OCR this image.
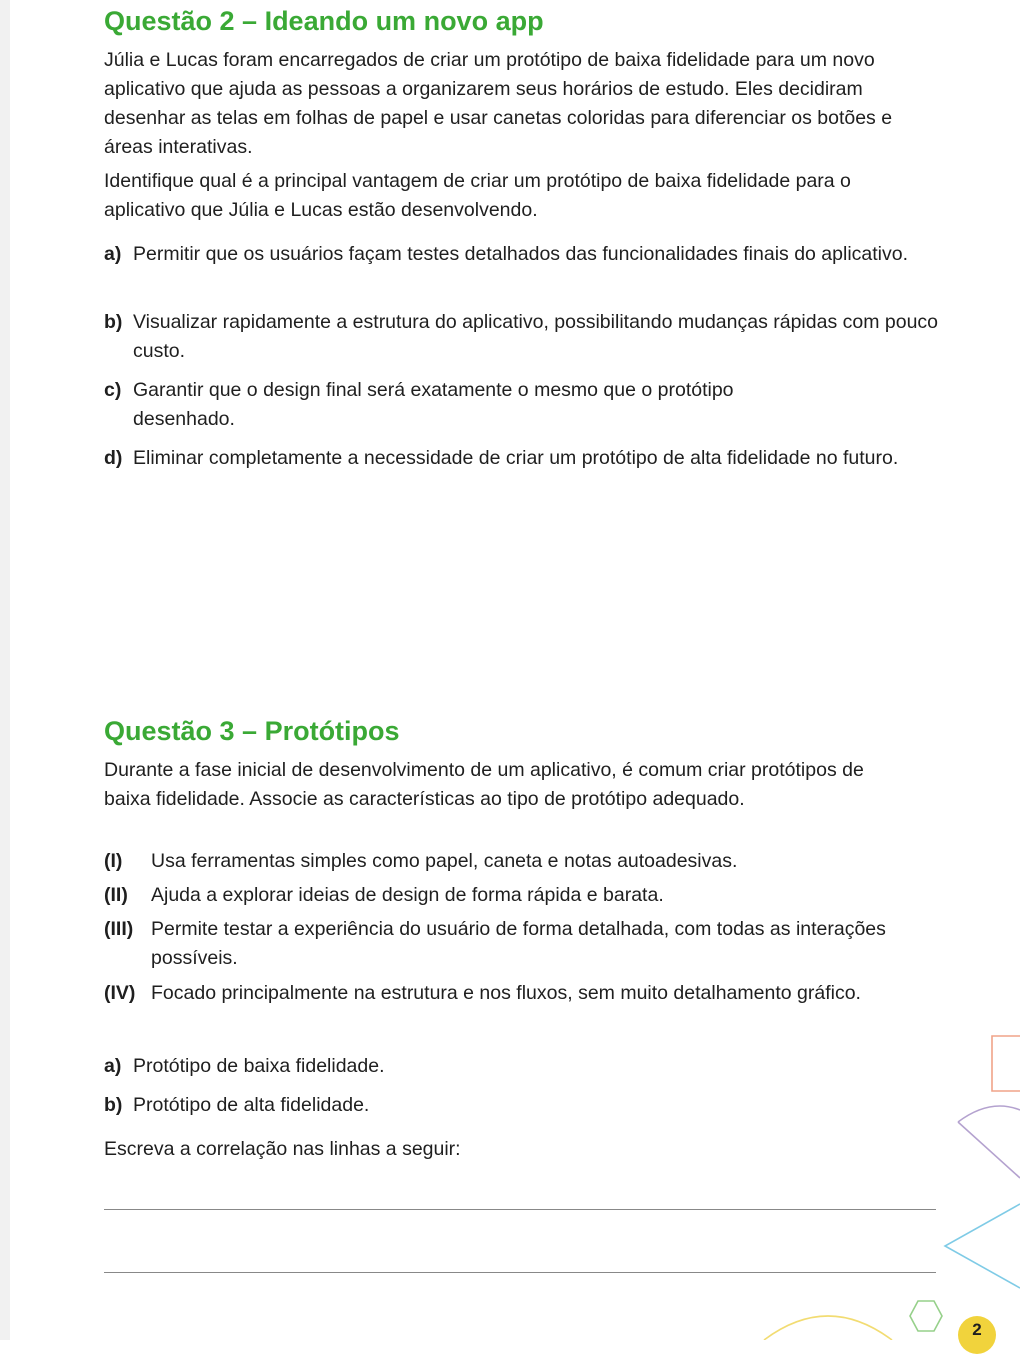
Questão 2 – Ideando um novo app

Júlia e Lucas foram encarregados de criar um protótipo de baixa fidelidade para um novo aplicativo que ajuda as pessoas a organizarem seus horários de estudo. Eles decidiram desenhar as telas em folhas de papel e usar canetas coloridas para diferenciar os botões e áreas interativas.

Identifique qual é a principal vantagem de criar um protótipo de baixa fidelidade para o aplicativo que Júlia e Lucas estão desenvolvendo.

a) Permitir que os usuários façam testes detalhados das funcionalidades finais do aplicativo.

b) Visualizar rapidamente a estrutura do aplicativo, possibilitando mudanças rápidas com pouco custo.

c) Garantir que o design final será exatamente o mesmo que o protótipo desenhado.

d) Eliminar completamente a necessidade de criar um protótipo de alta fidelidade no futuro.

Questão 3 – Protótipos

Durante a fase inicial de desenvolvimento de um aplicativo, é comum criar protótipos de baixa fidelidade. Associe as características ao tipo de protótipo adequado.

(I) Usa ferramentas simples como papel, caneta e notas autoadesivas.

(II) Ajuda a explorar ideias de design de forma rápida e barata.

(III) Permite testar a experiência do usuário de forma detalhada, com todas as interações possíveis.

(IV) Focado principalmente na estrutura e nos fluxos, sem muito detalhamento gráfico.

a) Protótipo de baixa fidelidade.

b) Protótipo de alta fidelidade.

Escreva a correlação nas linhas a seguir:

2
